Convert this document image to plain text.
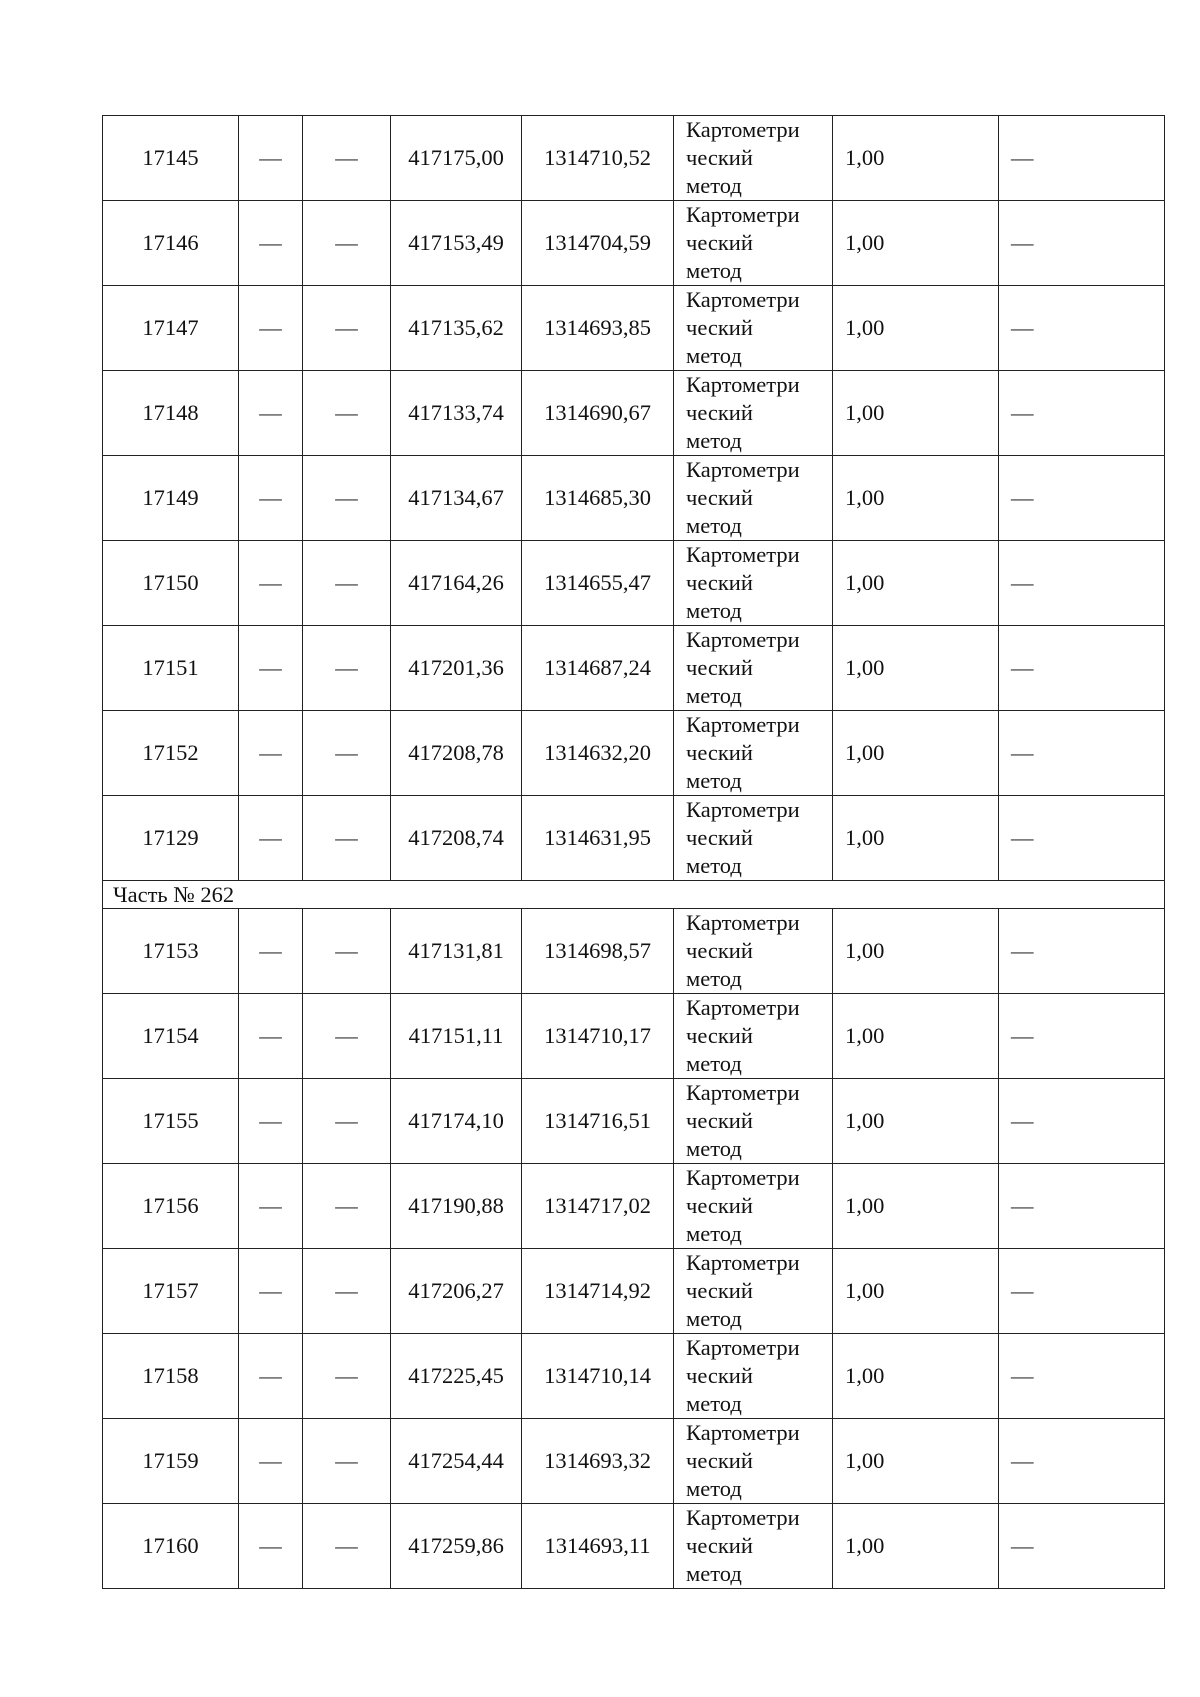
17145	—	—	417175,00	1314710,52	Картометри
ческий
метод	1,00	—
17146	—	—	417153,49	1314704,59	Картометри
ческий
метод	1,00	—
17147	—	—	417135,62	1314693,85	Картометри
ческий
метод	1,00	—
17148	—	—	417133,74	1314690,67	Картометри
ческий
метод	1,00	—
17149	—	—	417134,67	1314685,30	Картометри
ческий
метод	1,00	—
17150	—	—	417164,26	1314655,47	Картометри
ческий
метод	1,00	—
17151	—	—	417201,36	1314687,24	Картометри
ческий
метод	1,00	—
17152	—	—	417208,78	1314632,20	Картометри
ческий
метод	1,00	—
17129	—	—	417208,74	1314631,95	Картометри
ческий
метод	1,00	—
Часть № 262							
17153	—	—	417131,81	1314698,57	Картометри
ческий
метод	1,00	—
17154	—	—	417151,11	1314710,17	Картометри
ческий
метод	1,00	—
17155	—	—	417174,10	1314716,51	Картометри
ческий
метод	1,00	—
17156	—	—	417190,88	1314717,02	Картометри
ческий
метод	1,00	—
17157	—	—	417206,27	1314714,92	Картометри
ческий
метод	1,00	—
17158	—	—	417225,45	1314710,14	Картометри
ческий
метод	1,00	—
17159	—	—	417254,44	1314693,32	Картометри
ческий
метод	1,00	—
17160	—	—	417259,86	1314693,11	Картометри
ческий
метод	1,00	—
